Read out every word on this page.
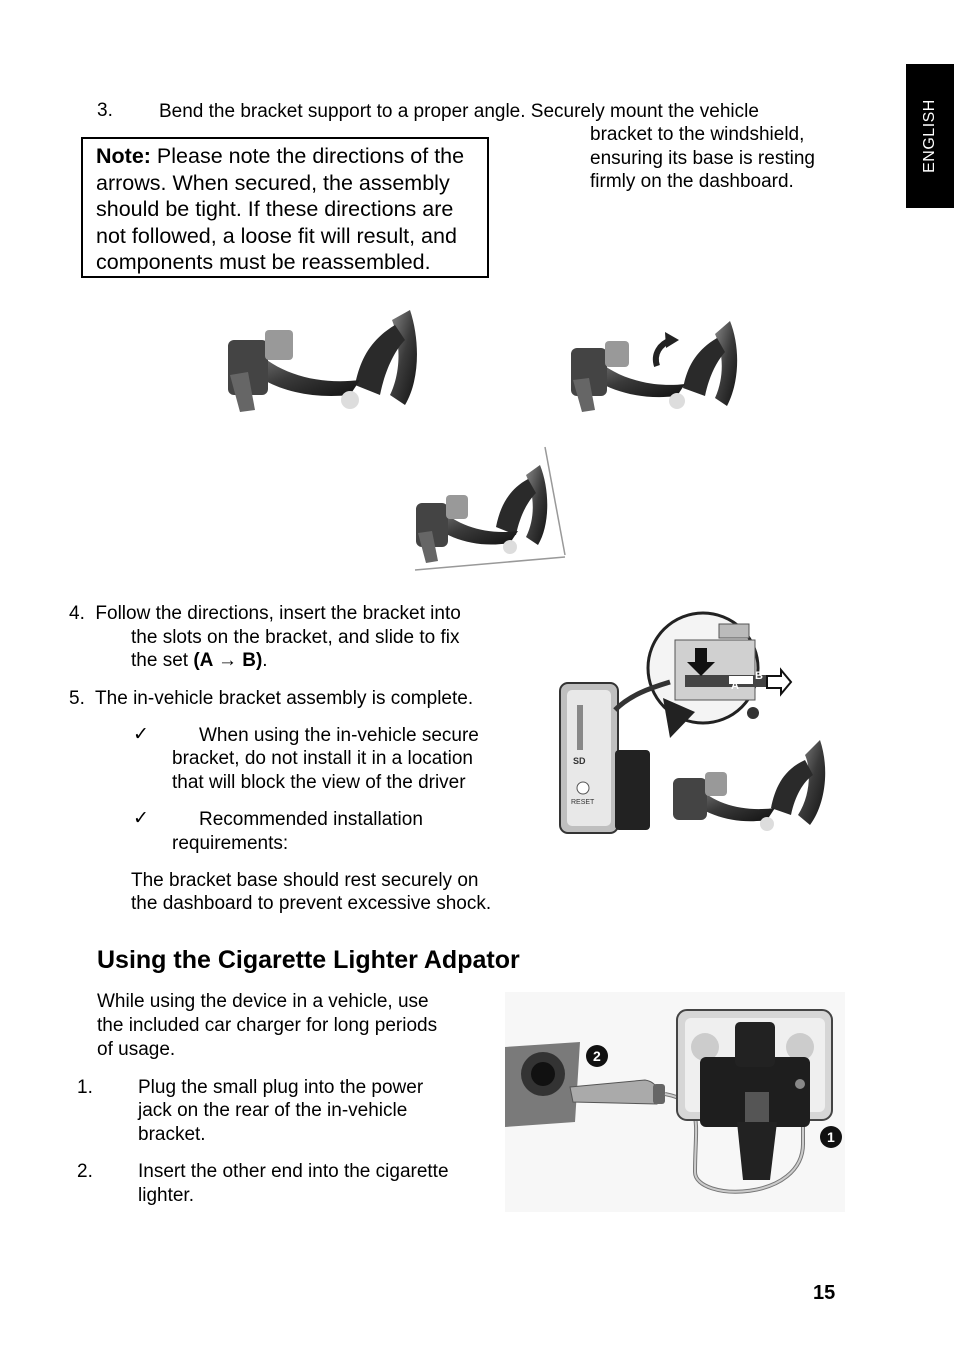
ENGLISH
3. Bend the bracket support to a proper angle. Securely mount the vehicle
bracket to the windshield,
ensuring its base is resting
firmly on the dashboard.
Note: Please note the directions of the arrows. When secured, the assembly should be tight. If these directions are not followed, a loose fit will result, and components must be reassembled.
4.  Follow the directions, insert the bracket into
the slots on the bracket, and slide to fix
the set (A → B).
5.  The in-vehicle bracket assembly is complete.
✓	When using the in-vehicle secure
bracket, do not install it in a location
that will block the view of the driver
✓	Recommended installation
requirements:
The bracket base should rest securely on
the dashboard to prevent excessive shock.
A
B
SD
RESET
Using the Cigarette Lighter Adpator
While using the device in a vehicle, use
the included car charger for long periods
of usage.
1. Plug the small plug into the power
jack on the rear of the in-vehicle
bracket.
2. Insert the other end into the cigarette
lighter.
2
1
15
